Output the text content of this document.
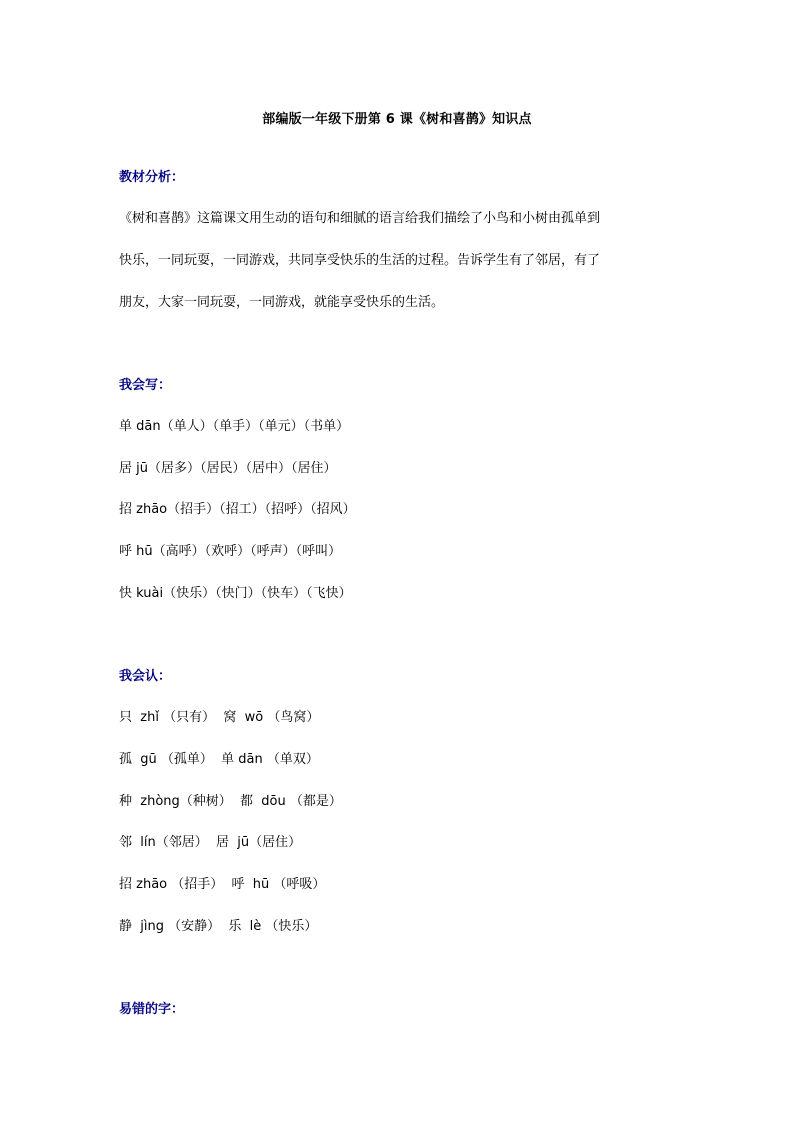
部编版一年级下册第 6 课《树和喜鹊》知识点
教材分析：
《树和喜鹊》这篇课文用生动的语句和细腻的语言给我们描绘了小鸟和小树由孤单到
快乐，一同玩耍，一同游戏，共同享受快乐的生活的过程。告诉学生有了邻居，有了
朋友，大家一同玩耍，一同游戏，就能享受快乐的生活。
我会写：
单 dān（单人）（单手）（单元）（书单）
居 jū（居多）（居民）（居中）（居住）
招 zhāo（招手）（招工）（招呼）（招风）
呼 hū（高呼）（欢呼）（呼声）（呼叫）
快 kuài（快乐）（快门）（快车）（飞快）
我会认：
只  zhǐ （只有）  窝  wō （鸟窝）
孤  gū （孤单）  单 dān （单双）
种  zhòng（种树）  都  dōu （都是）
邻  lín（邻居）  居  jū（居住）
招 zhāo （招手）  呼  hū （呼吸）
静  jìng （安静）  乐  lè （快乐）
易错的字：
